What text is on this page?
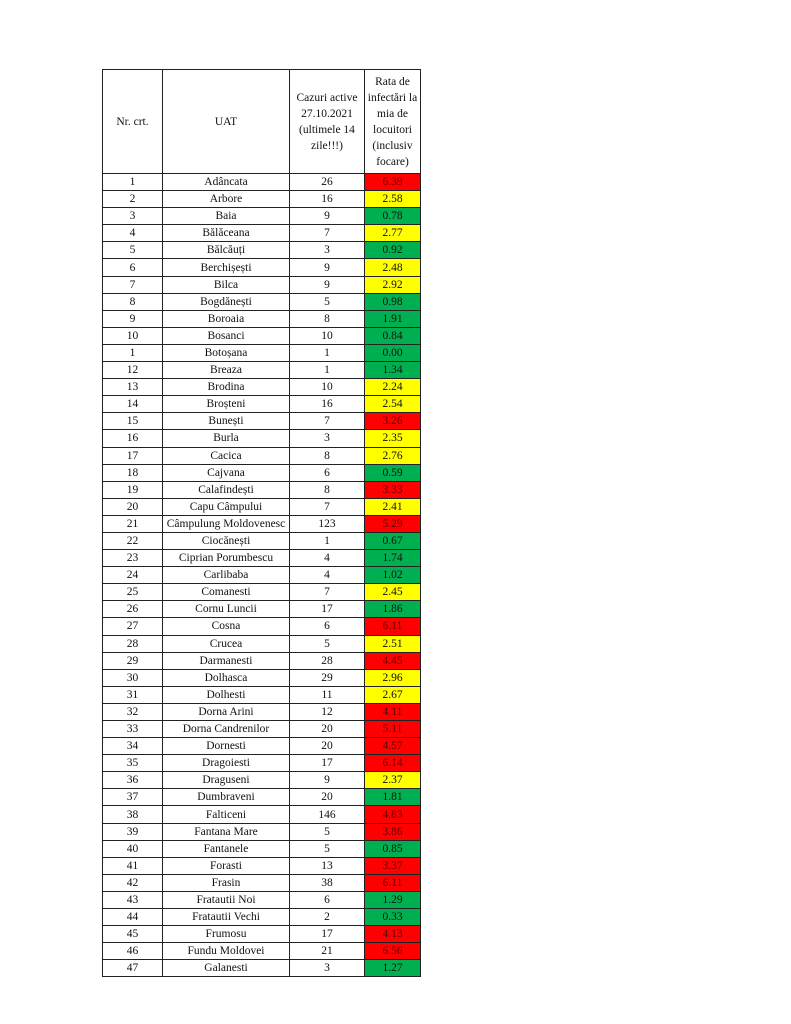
Nr. crt.	UAT	Cazuri active 27.10.2021 (ultimele 14 zile!!!)	Rata de infectări la mia de locuitori (inclusiv focare)
1	Adâncata	26	6.39
2	Arbore	16	2.58
3	Baia	9	0.78
4	Bălăceana	7	2.77
5	Bălcăuți	3	0.92
6	Berchișești	9	2.48
7	Bilca	9	2.92
8	Bogdănești	5	0.98
9	Boroaia	8	1.91
10	Bosanci	10	0.84
1	Botoșana	1	0.00
12	Breaza	1	1.34
13	Brodina	10	2.24
14	Broșteni	16	2.54
15	Bunești	7	3.26
16	Burla	3	2.35
17	Cacica	8	2.76
18	Cajvana	6	0.59
19	Calafindești	8	3.33
20	Capu Câmpului	7	2.41
21	Câmpulung Moldovenesc	123	5.29
22	Ciocănești	1	0.67
23	Ciprian Porumbescu	4	1.74
24	Carlibaba	4	1.02
25	Comanesti	7	2.45
26	Cornu Luncii	17	1.86
27	Cosna	6	6.11
28	Crucea	5	2.51
29	Darmanesti	28	4.45
30	Dolhasca	29	2.96
31	Dolhesti	11	2.67
32	Dorna Arini	12	4.11
33	Dorna Candrenilor	20	5.11
34	Dornesti	20	4.57
35	Dragoiesti	17	6.14
36	Draguseni	9	2.37
37	Dumbraveni	20	1.81
38	Falticeni	146	4.83
39	Fantana Mare	5	3.86
40	Fantanele	5	0.85
41	Forasti	13	3.37
42	Frasin	38	6.11
43	Fratautii Noi	6	1.29
44	Fratautii Vechi	2	0.33
45	Frumosu	17	4.13
46	Fundu Moldovei	21	6.56
47	Galanesti	3	1.27
